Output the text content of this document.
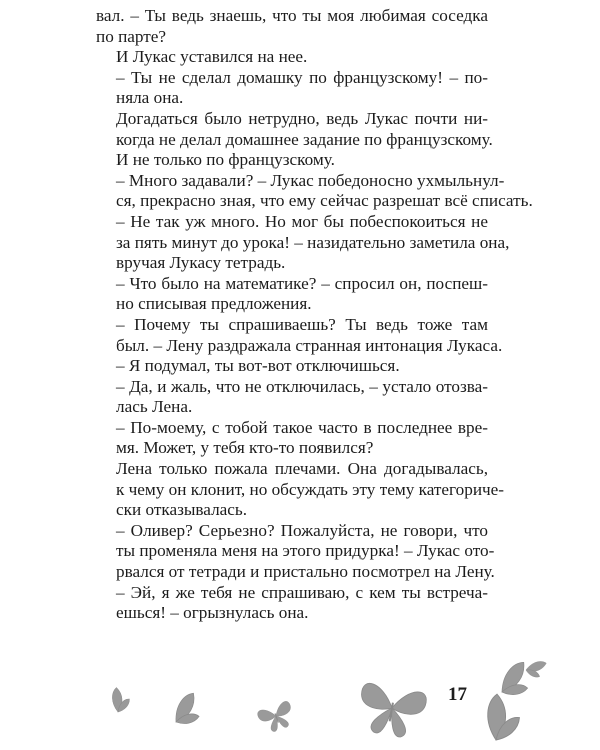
вал. – Ты ведь знаешь, что ты моя любимая соседка
по парте?

И Лукас уставился на нее.

– Ты не сделал домашку по французскому! – по-
няла она.

Догадаться было нетрудно, ведь Лукас почти ни-
когда не делал домашнее задание по французскому.
И не только по французскому.

– Много задавали? – Лукас победоносно ухмыльнул-
ся, прекрасно зная, что ему сейчас разрешат всё списать.

– Не так уж много. Но мог бы побеспокоиться не
за пять минут до урока! – назидательно заметила она,
вручая Лукасу тетрадь.

– Что было на математике? – спросил он, поспеш-
но списывая предложения.

– Почему ты спрашиваешь? Ты ведь тоже там
был. – Лену раздражала странная интонация Лукаса.

– Я подумал, ты вот-вот отключишься.

– Да, и жаль, что не отключилась, – устало отозва-
лась Лена.

– По-моему, с тобой такое часто в последнее вре-
мя. Может, у тебя кто-то появился?

Лена только пожала плечами. Она догадывалась,
к чему он клонит, но обсуждать эту тему категориче-
ски отказывалась.

– Оливер? Серьезно? Пожалуйста, не говори, что
ты променяла меня на этого придурка! – Лукас ото-
рвался от тетради и пристально посмотрел на Лену.

– Эй, я же тебя не спрашиваю, с кем ты встреча-
ешься! – огрызнулась она.

17
